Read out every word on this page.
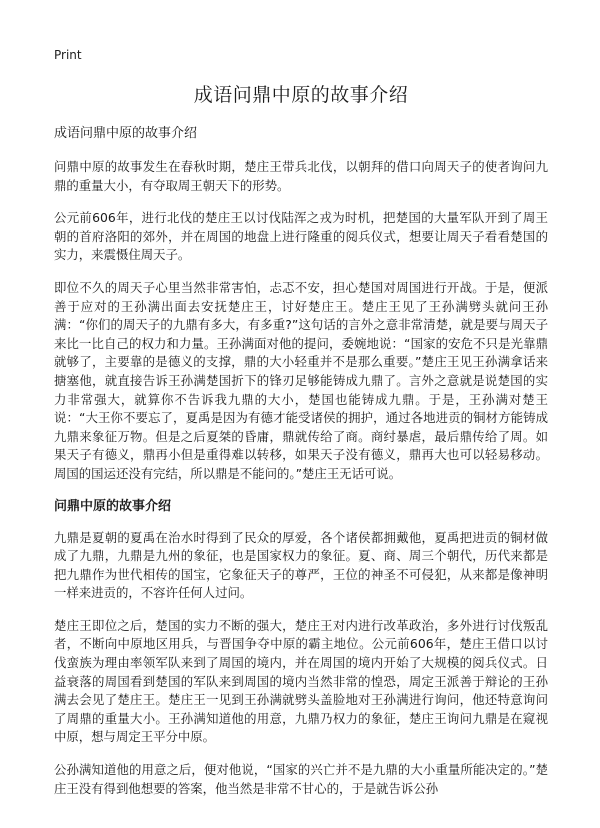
Print
成语问鼎中原的故事介绍
成语问鼎中原的故事介绍

问鼎中原的故事发生在春秋时期，楚庄王带兵北伐，以朝拜的借口向周天子的使者询问九鼎的重量大小，有夺取周王朝天下的形势。

公元前606年，进行北伐的楚庄王以讨伐陆浑之戎为时机，把楚国的大量军队开到了周王朝的首府洛阳的郊外，并在周国的地盘上进行隆重的阅兵仪式，想要让周天子看看楚国的实力，来震慑住周天子。

即位不久的周天子心里当然非常害怕，忐忑不安，担心楚国对周国进行开战。于是，便派善于应对的王孙满出面去安抚楚庄王，讨好楚庄王。楚庄王见了王孙满劈头就问王孙满：“你们的周天子的九鼎有多大，有多重?”这句话的言外之意非常清楚，就是要与周天子来比一比自己的权力和力量。王孙满面对他的提问，委婉地说：“国家的安危不只是光靠鼎就够了，主要靠的是德义的支撑，鼎的大小轻重并不是那么重要。”楚庄王见王孙满拿话来搪塞他，就直接告诉王孙满楚国折下的锋刃足够能铸成九鼎了。言外之意就是说楚国的实力非常强大，就算你不告诉我九鼎的大小，楚国也能铸成九鼎。于是，王孙满对楚王说：“大王你不要忘了，夏禹是因为有德才能受诸侯的拥护，通过各地进贡的铜材方能铸成九鼎来象征万物。但是之后夏桀的昏庸，鼎就传给了商。商纣暴虐，最后鼎传给了周。如果天子有德义，鼎再小但是重得难以转移，如果天子没有德义，鼎再大也可以轻易移动。周国的国运还没有完结，所以鼎是不能问的。”楚庄王无话可说。

问鼎中原的故事介绍

九鼎是夏朝的夏禹在治水时得到了民众的厚爱，各个诸侯都拥戴他，夏禹把进贡的铜材做成了九鼎，九鼎是九州的象征，也是国家权力的象征。夏、商、周三个朝代，历代来都是把九鼎作为世代相传的国宝，它象征天子的尊严，王位的神圣不可侵犯，从来都是像神明一样来进贡的，不容许任何人过问。

楚庄王即位之后，楚国的实力不断的强大，楚庄王对内进行改革政治，多外进行讨伐叛乱者，不断向中原地区用兵，与晋国争夺中原的霸主地位。公元前606年，楚庄王借口以讨伐蛮族为理由率领军队来到了周国的境内，并在周国的境内开始了大规模的阅兵仪式。日益衰落的周国看到楚国的军队来到周国的境内当然非常的惶恐，周定王派善于辩论的王孙满去会见了楚庄王。楚庄王一见到王孙满就劈头盖脸地对王孙满进行询问，他还特意询问了周鼎的重量大小。王孙满知道他的用意，九鼎乃权力的象征，楚庄王询问九鼎是在窥视中原，想与周定王平分中原。

公孙满知道他的用意之后，便对他说，“国家的兴亡并不是九鼎的大小重量所能决定的。”楚庄王没有得到他想要的答案，他当然是非常不甘心的，于是就告诉公孙
